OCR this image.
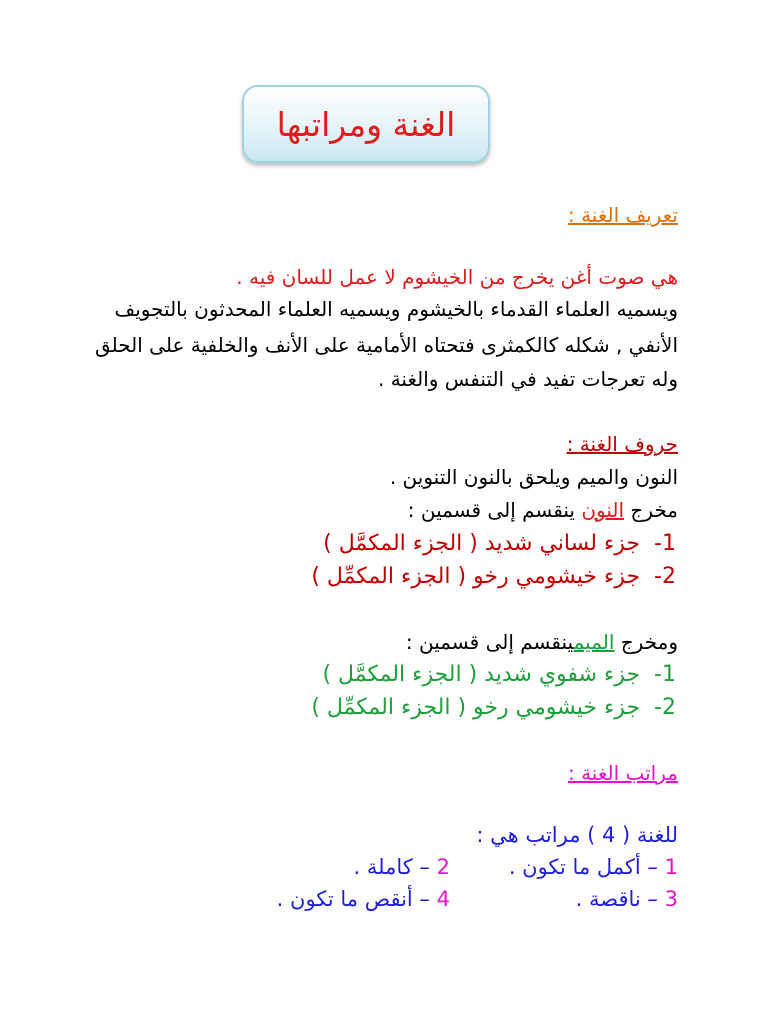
الغنة ومراتبها

تعريف الغنة :

هي صوت أغن يخرج من الخيشوم لا عمل للسان فيه .

ويسميه العلماء القدماء بالخيشوم ويسميه العلماء المحدثون بالتجويف

الأنفي , شكله كالكمثرى فتحتاه الأمامية على الأنف والخلفية على الحلق

وله تعرجات تفيد في التنفس والغنة .

حروف الغنة :

النون والميم ويلحق بالنون التنوين .

مخرج النون ينقسم إلى قسمين :

1-  جزء لساني شديد ( الجزء المكمَّل )

2-  جزء خيشومي رخو ( الجزء المكمِّل )

ومخرج الميمينقسم إلى قسمين :

1-  جزء شفوي شديد ( الجزء المكمَّل )

2-  جزء خيشومي رخو ( الجزء المكمِّل )

مراتب الغنة :

للغنة ( 4 ) مراتب هي :

1 – أكمل ما تكون .

2 – كاملة .

3 – ناقصة .

4 – أنقص ما تكون .
